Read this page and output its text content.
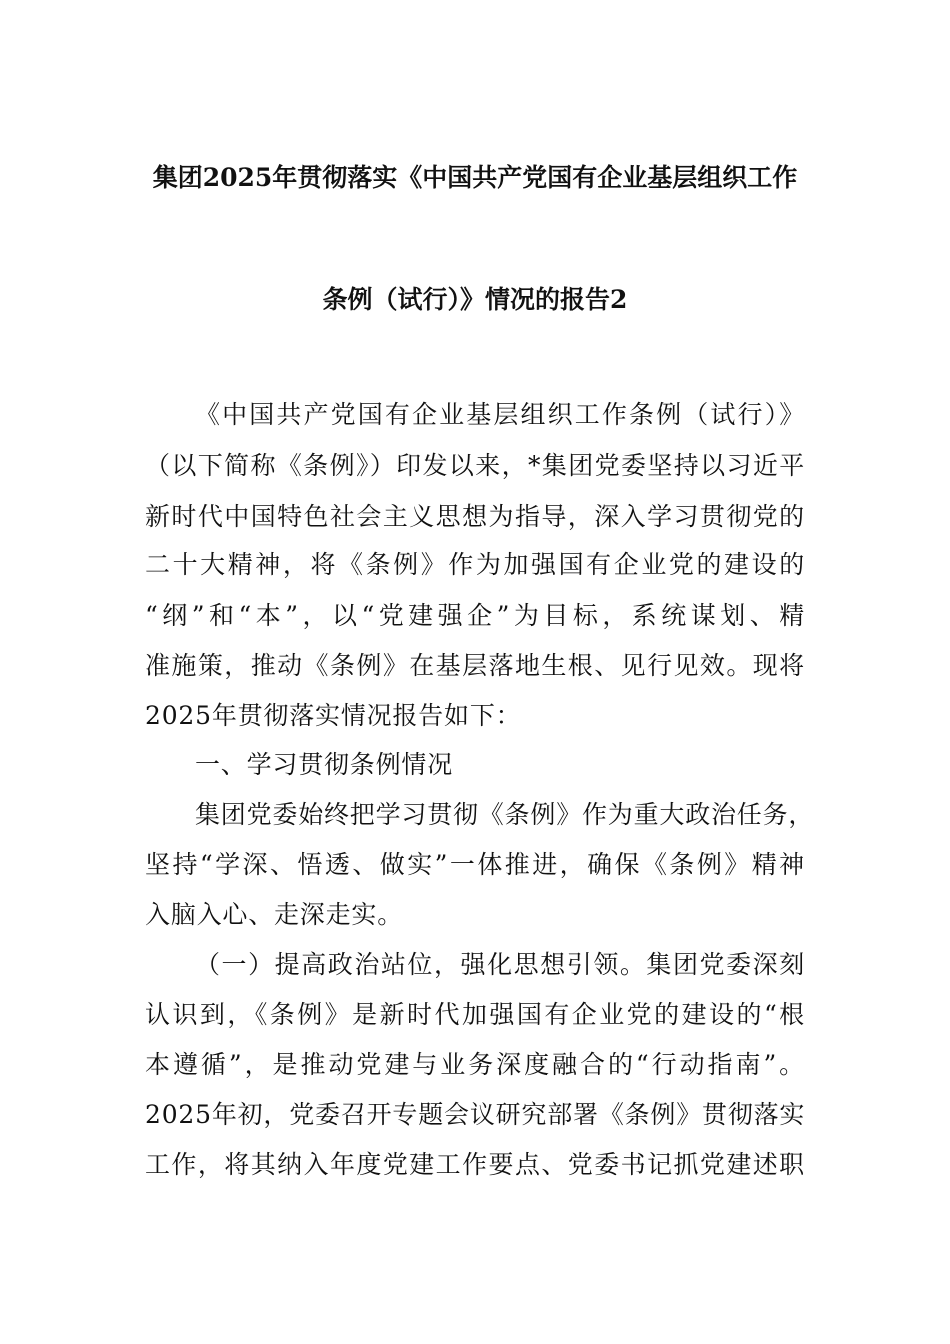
集团2025年贯彻落实《中国共产党国有企业基层组织工作
条例（试行）》情况的报告2
《中国共产党国有企业基层组织工作条例（试行）》
（以下简称《条例》）印发以来，*集团党委坚持以习近平
新时代中国特色社会主义思想为指导，深入学习贯彻党的
二十大精神，将《条例》作为加强国有企业党的建设的
“纲”和“本”，以“党建强企”为目标，系统谋划、精
准施策，推动《条例》在基层落地生根、见行见效。现将
2025年贯彻落实情况报告如下：
一、学习贯彻条例情况
集团党委始终把学习贯彻《条例》作为重大政治任务，
坚持“学深、悟透、做实”一体推进，确保《条例》精神
入脑入心、走深走实。
（一）提高政治站位，强化思想引领。集团党委深刻
认识到，《条例》是新时代加强国有企业党的建设的“根
本遵循”，是推动党建与业务深度融合的“行动指南”。
2025年初，党委召开专题会议研究部署《条例》贯彻落实
工作，将其纳入年度党建工作要点、党委书记抓党建述职
